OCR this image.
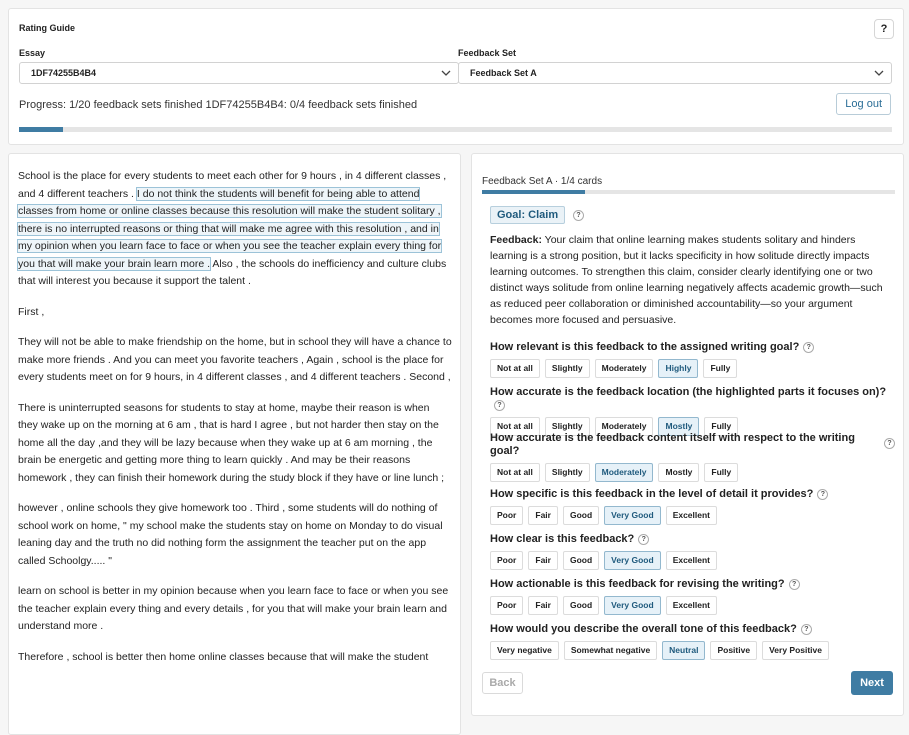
Rating Guide	?
Essay
1DF74255B4B4
Feedback Set
Feedback Set A
Progress: 1/20 feedback sets finished 1DF74255B4B4: 0/4 feedback sets finished	Log out

School is the place for every students to meet each other for 9 hours , in 4 different classes , and 4 different teachers . I do not think the students will benefit for being able to attend classes from home or online classes because this resolution will make the student solitary , there is no interrupted reasons or thing that will make me agree with this resolution , and in my opinion when you learn face to face or when you see the teacher explain every thing for you that will make your brain learn more . Also , the schools do inefficiency and culture clubs that will interest you because it support the talent .

First ,

They will not be able to make friendship on the home, but in school they will have a chance to make more friends . And you can meet you favorite teachers , Again , school is the place for every students meet on for 9 hours, in 4 different classes , and 4 different teachers . Second ,

There is uninterrupted seasons for students to stay at home, maybe their reason is when they wake up on the morning at 6 am , that is hard I agree , but not harder then stay on the home all the day ,and they will be lazy because when they wake up at 6 am morning , the brain be energetic and getting more thing to learn quickly . And may be their reasons homework , they can finish their homework during the study block if they have or line lunch ;

however , online schools they give homework too . Third , some students will do nothing of school work on home, " my school make the students stay on home on Monday to do visual leaning day and the truth no did nothing form the assignment the teacher put on the app called Schoolgy..... "

learn on school is better in my opinion because when you learn face to face or when you see the teacher explain every thing and every details , for you that will make your brain learn and understand more .

Therefore , school is better then home online classes because that will make the student

Feedback Set A · 1/4 cards
Goal: Claim	?
Feedback: Your claim that online learning makes students solitary and hinders learning is a strong position, but it lacks specificity in how solitude directly impacts learning outcomes. To strengthen this claim, consider clearly identifying one or two distinct ways solitude from online learning negatively affects academic growth—such as reduced peer collaboration or diminished accountability—so your argument becomes more focused and persuasive.
How relevant is this feedback to the assigned writing goal? ?
Not at all	Slightly	Moderately	Highly	Fully
How accurate is the feedback location (the highlighted parts it focuses on)??
Not at all	Slightly	Moderately	Mostly	Fully
How accurate is the feedback content itself with respect to the writing goal?
?
Not at all	Slightly	Moderately	Mostly	Fully
How specific is this feedback in the level of detail it provides? ?
Poor	Fair	Good	Very Good	Excellent
How clear is this feedback? ?
Poor	Fair	Good	Very Good	Excellent
How actionable is this feedback for revising the writing? ?
Poor	Fair	Good	Very Good	Excellent
How would you describe the overall tone of this feedback? ?
Very negative	Somewhat negative	Neutral	Positive	Very Positive
Back	Next
